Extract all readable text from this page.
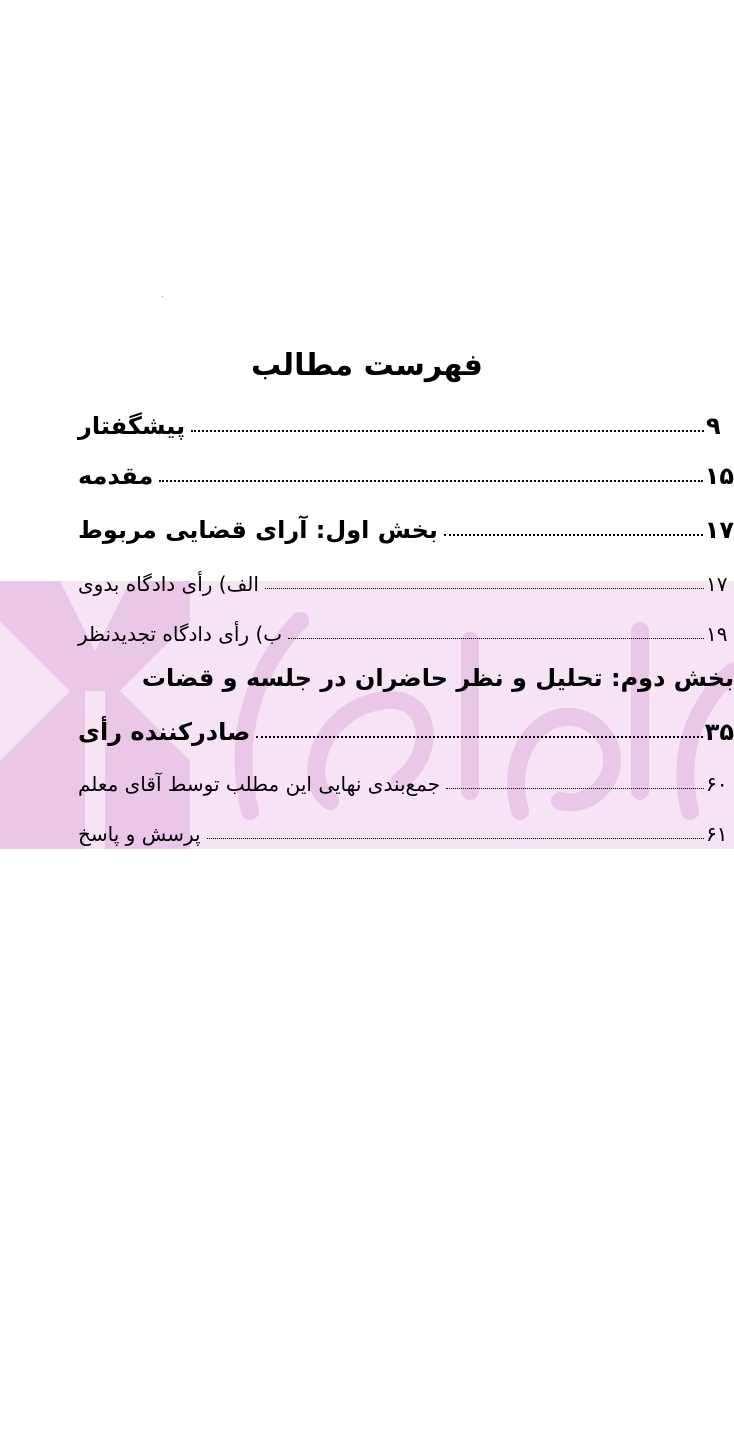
فهرست مطالب
پیشگفتار	۹
مقدمه	۱۵
بخش اول: آرای قضایی مربوط	۱۷
الف) رأی دادگاه بدوی	۱۷
ب) رأی دادگاه تجدیدنظر	۱۹
بخش دوم: تحلیل و نظر حاضران در جلسه و قضات
صادرکننده رأی	۳۵
جمع‌بندی نهایی این مطلب توسط آقای معلم	۶۰
پرسش و پاسخ	۶۱
